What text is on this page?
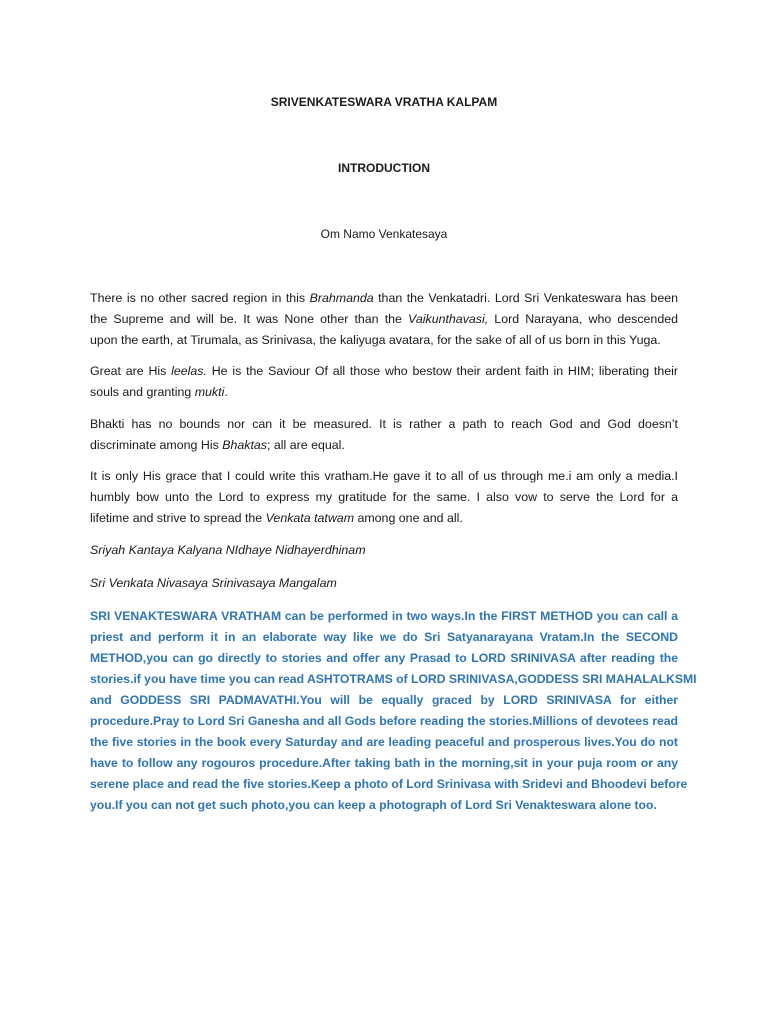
SRIVENKATESWARA VRATHA KALPAM
INTRODUCTION
Om Namo Venkatesaya
There is no other sacred region in this Brahmanda than the Venkatadri. Lord Sri Venkateswara has been
the Supreme and will be. It was None other than the Vaikunthavasi, Lord Narayana, who descended
upon the earth, at Tirumala, as Srinivasa, the kaliyuga avatara, for the sake of all of us born in this Yuga.
Great are His leelas. He is the Saviour Of all those who bestow their ardent faith in HIM; liberating their
souls and granting mukti.
Bhakti has no bounds nor can it be measured. It is rather a path to reach God and God doesn’t
discriminate among His Bhaktas; all are equal.
It is only His grace that I could write this vratham.He gave it to all of us through me.i am only a media.I
humbly bow unto the Lord to express my gratitude for the same. I also vow to serve the Lord for a
lifetime and strive to spread the Venkata tatwam among one and all.
Sriyah Kantaya Kalyana NIdhaye Nidhayerdhinam
Sri Venkata Nivasaya Srinivasaya Mangalam
SRI VENAKTESWARA VRATHAM can be performed in two ways.In the FIRST METHOD you can call a
priest and perform it in an elaborate way like we do Sri Satyanarayana Vratam.In the SECOND
METHOD,you can go directly to stories and offer any Prasad to LORD SRINIVASA after reading the
stories.if you have time you can read ASHTOTRAMS of LORD SRINIVASA,GODDESS SRI MAHALALKSMI
and GODDESS SRI PADMAVATHI.You will be equally graced by LORD SRINIVASA for either
procedure.Pray to Lord Sri Ganesha and all Gods before reading the stories.Millions of devotees read
the five stories in the book every Saturday and are leading peaceful and prosperous lives.You do not
have to follow any rogouros procedure.After taking bath in the morning,sit in your puja room or any
serene place and read the five stories.Keep a photo of Lord Srinivasa with Sridevi and Bhoodevi before
you.If you can not get such photo,you can keep a photograph of Lord Sri Venakteswara alone too.
